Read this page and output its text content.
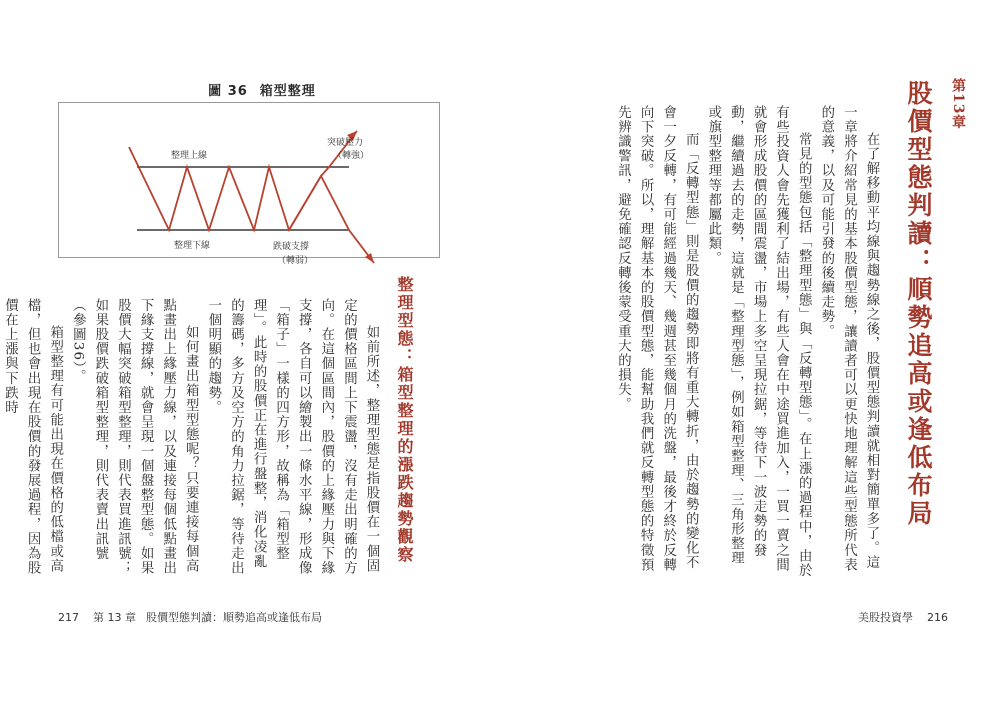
圖 36 箱型整理
整理上線
整理下線
突破壓力
（轉強）
跌破支撐
（轉弱）
整理型態：箱型整理的漲跌趨勢觀察

如前所述，整理型態是指股價在一個固定的價格區間上下震盪，沒有走出明確的方向。在這個區間內，股價的上緣壓力與下緣支撐，各自可以繪製出一條水平線，形成像「箱子」一樣的四方形，故稱為「箱型整理」。此時的股價正在進行盤整，消化凌亂的籌碼，多方及空方的角力拉鋸，等待走出一個明顯的趨勢。

如何畫出箱型型態呢？只要連接每個高點畫出上緣壓力線，以及連接每個低點畫出下緣支撐線，就會呈現一個盤整型態。如果股價大幅突破箱型整理，則代表買進訊號；如果股價跌破箱型整理，則代表賣出訊號（參圖36）。

箱型整理有可能出現在價格的低檔或高檔，但也會出現在股價的發展過程，因為股價在上漲與下跌時

217 第 13 章 股價型態判讀：順勢追高或逢低布局
第13章
股價型態判讀：順勢追高或逢低布局

在了解移動平均線與趨勢線之後，股價型態判讀就相對簡單多了。這一章將介紹常見的基本股價型態，讓讀者可以更快地理解這些型態所代表的意義，以及可能引發的後續走勢。

常見的型態包括「整理型態」與「反轉型態」。在上漲的過程中，由於有些投資人會先獲利了結出場，有些人會在中途買進加入，一買一賣之間就會形成股價的區間震盪，市場上多空呈現拉鋸，等待下一波走勢的發動，繼續過去的走勢，這就是「整理型態」，例如箱型整理、三角形整理或旗型整理等都屬此類。

而「反轉型態」則是股價的趨勢即將有重大轉折，由於趨勢的變化不會一夕反轉，有可能經過幾天、幾週甚至幾個月的洗盤，最後才終於反轉向下突破。所以，理解基本的股價型態，能幫助我們就反轉型態的特徵預先辨識警訊，避免確認反轉後蒙受重大的損失。

美股投資學 216
